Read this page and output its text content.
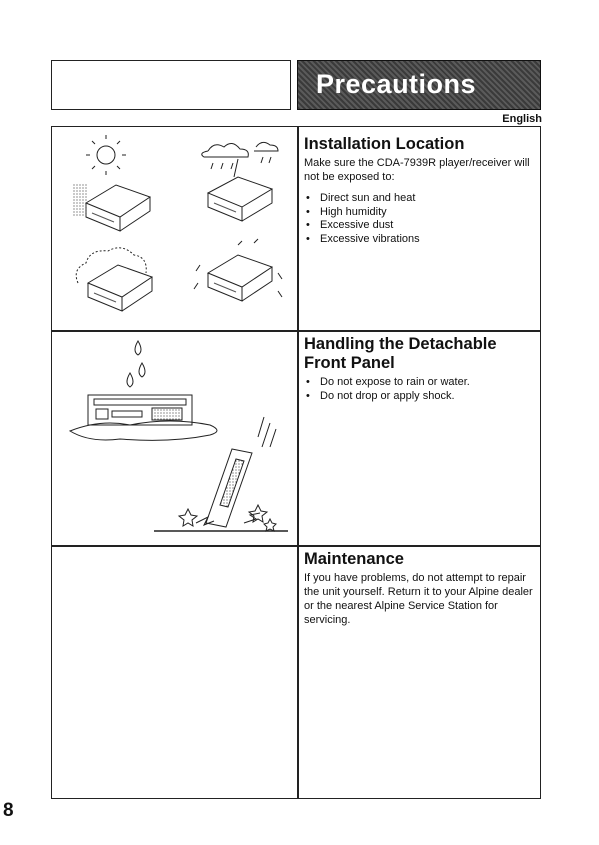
Precautions
English
Installation Location

Make sure the CDA-7939R player/receiver will not be exposed to:

• Direct sun and heat
• High humidity
• Excessive dust
• Excessive vibrations
Handling the Detachable
Front Panel
• Do not expose to rain or water.
• Do not drop or apply shock.
Maintenance

If you have problems, do not attempt to repair the unit yourself. Return it to your Alpine dealer or the nearest Alpine Service Station for servicing.

8
